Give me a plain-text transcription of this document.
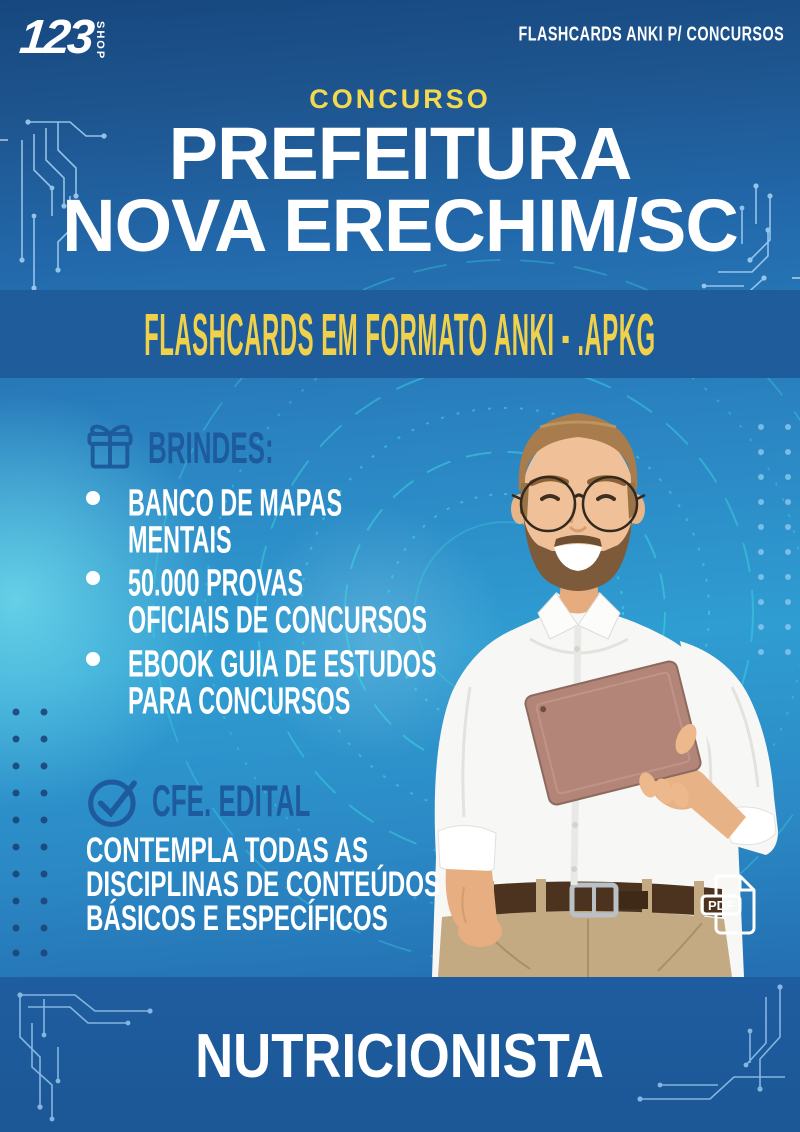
123 SHOP	FLASHCARDS ANKI P/ CONCURSOS
CONCURSO
PREFEITURA
NOVA ERECHIM/SC
FLASHCARDS EM FORMATO ANKI - .APKG
BRINDES:
BANCO DE MAPAS
MENTAIS
50.000 PROVAS
OFICIAIS DE CONCURSOS
EBOOK GUIA DE ESTUDOS
PARA CONCURSOS
CFE. EDITAL
CONTEMPLA TODAS AS
DISCIPLINAS DE CONTEÚDOS
BÁSICOS E ESPECÍFICOS	PDF
NUTRICIONISTA
